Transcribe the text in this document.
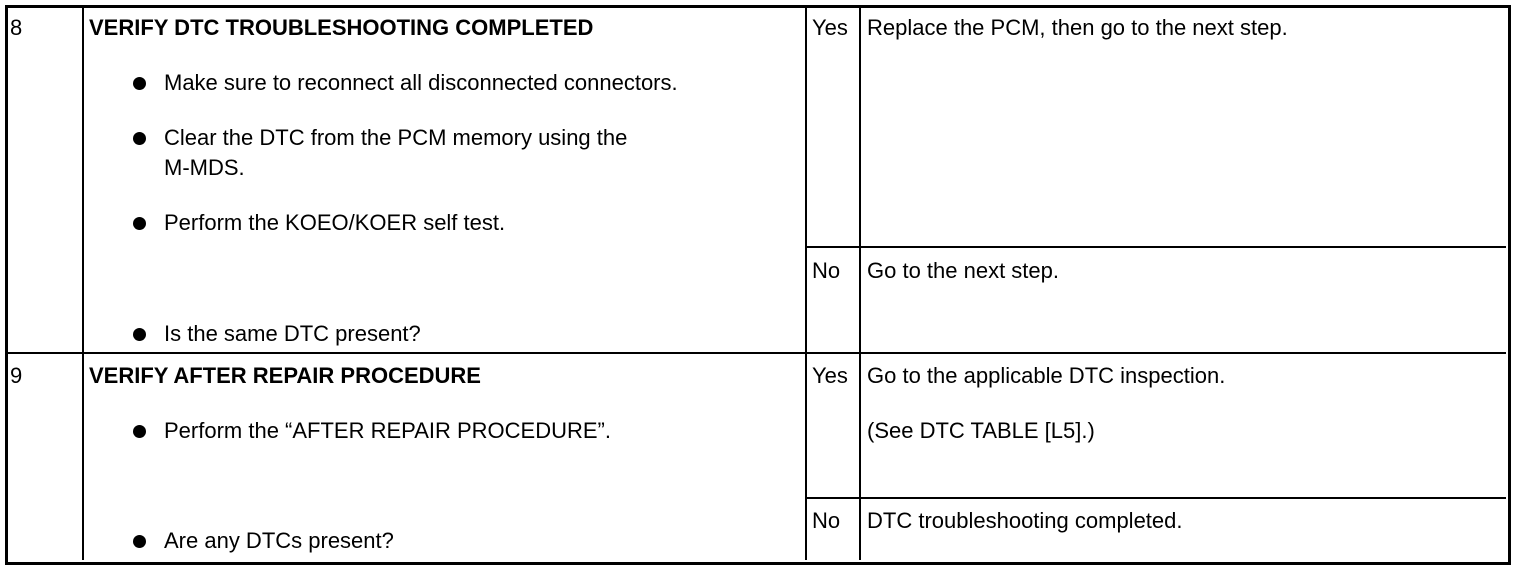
8	VERIFY DTC TROUBLESHOOTING COMPLETED
Make sure to reconnect all disconnected connectors.
Clear the DTC from the PCM memory using the
M-MDS.
Perform the KOEO/KOER self test.
Is the same DTC present?
Yes Replace the PCM, then go to the next step.
No Go to the next step.
9	VERIFY AFTER REPAIR PROCEDURE
Perform the “AFTER REPAIR PROCEDURE”.
Are any DTCs present?
Yes Go to the applicable DTC inspection.
(See DTC TABLE [L5].)
No DTC troubleshooting completed.
